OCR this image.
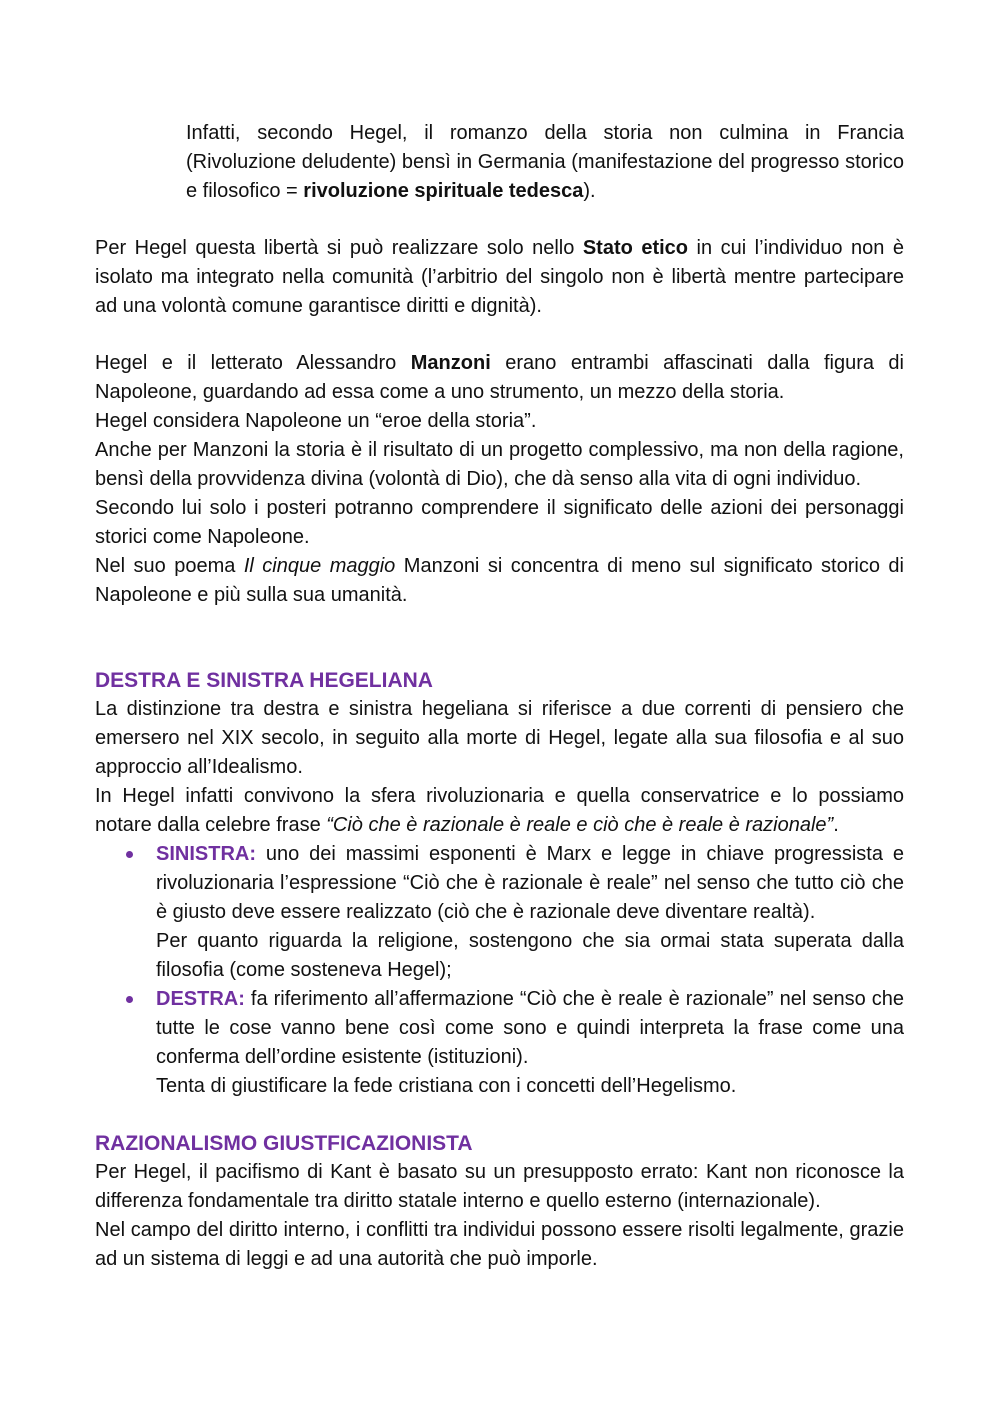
Infatti, secondo Hegel, il romanzo della storia non culmina in Francia (Rivoluzione deludente) bensì in Germania (manifestazione del progresso storico e filosofico = rivoluzione spirituale tedesca).

Per Hegel questa libertà si può realizzare solo nello Stato etico in cui l’individuo non è isolato ma integrato nella comunità (l’arbitrio del singolo non è libertà mentre partecipare ad una volontà comune garantisce diritti e dignità).

Hegel e il letterato Alessandro Manzoni erano entrambi affascinati dalla figura di Napoleone, guardando ad essa come a uno strumento, un mezzo della storia.

Hegel considera Napoleone un “eroe della storia”.

Anche per Manzoni la storia è il risultato di un progetto complessivo, ma non della ragione, bensì della provvidenza divina (volontà di Dio), che dà senso alla vita di ogni individuo.

Secondo lui solo i posteri potranno comprendere il significato delle azioni dei personaggi storici come Napoleone.

Nel suo poema Il cinque maggio Manzoni si concentra di meno sul significato storico di Napoleone e più sulla sua umanità.

DESTRA E SINISTRA HEGELIANA

La distinzione tra destra e sinistra hegeliana si riferisce a due correnti di pensiero che emersero nel XIX secolo, in seguito alla morte di Hegel, legate alla sua filosofia e al suo approccio all’Idealismo.

In Hegel infatti convivono la sfera rivoluzionaria e quella conservatrice e lo possiamo notare dalla celebre frase “Ciò che è razionale è reale e ciò che è reale è razionale”.

SINISTRA: uno dei massimi esponenti è Marx e legge in chiave progressista e rivoluzionaria l’espressione “Ciò che è razionale è reale” nel senso che tutto ciò che è giusto deve essere realizzato (ciò che è razionale deve diventare realtà).

Per quanto riguarda la religione, sostengono che sia ormai stata superata dalla filosofia (come sosteneva Hegel);

DESTRA: fa riferimento all’affermazione “Ciò che è reale è razionale” nel senso che tutte le cose vanno bene così come sono e quindi interpreta la frase come una conferma dell’ordine esistente (istituzioni).

Tenta di giustificare la fede cristiana con i concetti dell’Hegelismo.

RAZIONALISMO GIUSTFICAZIONISTA

Per Hegel, il pacifismo di Kant è basato su un presupposto errato: Kant non riconosce la differenza fondamentale tra diritto statale interno e quello esterno (internazionale).

Nel campo del diritto interno, i conflitti tra individui possono essere risolti legalmente, grazie ad un sistema di leggi e ad una autorità che può imporle.
